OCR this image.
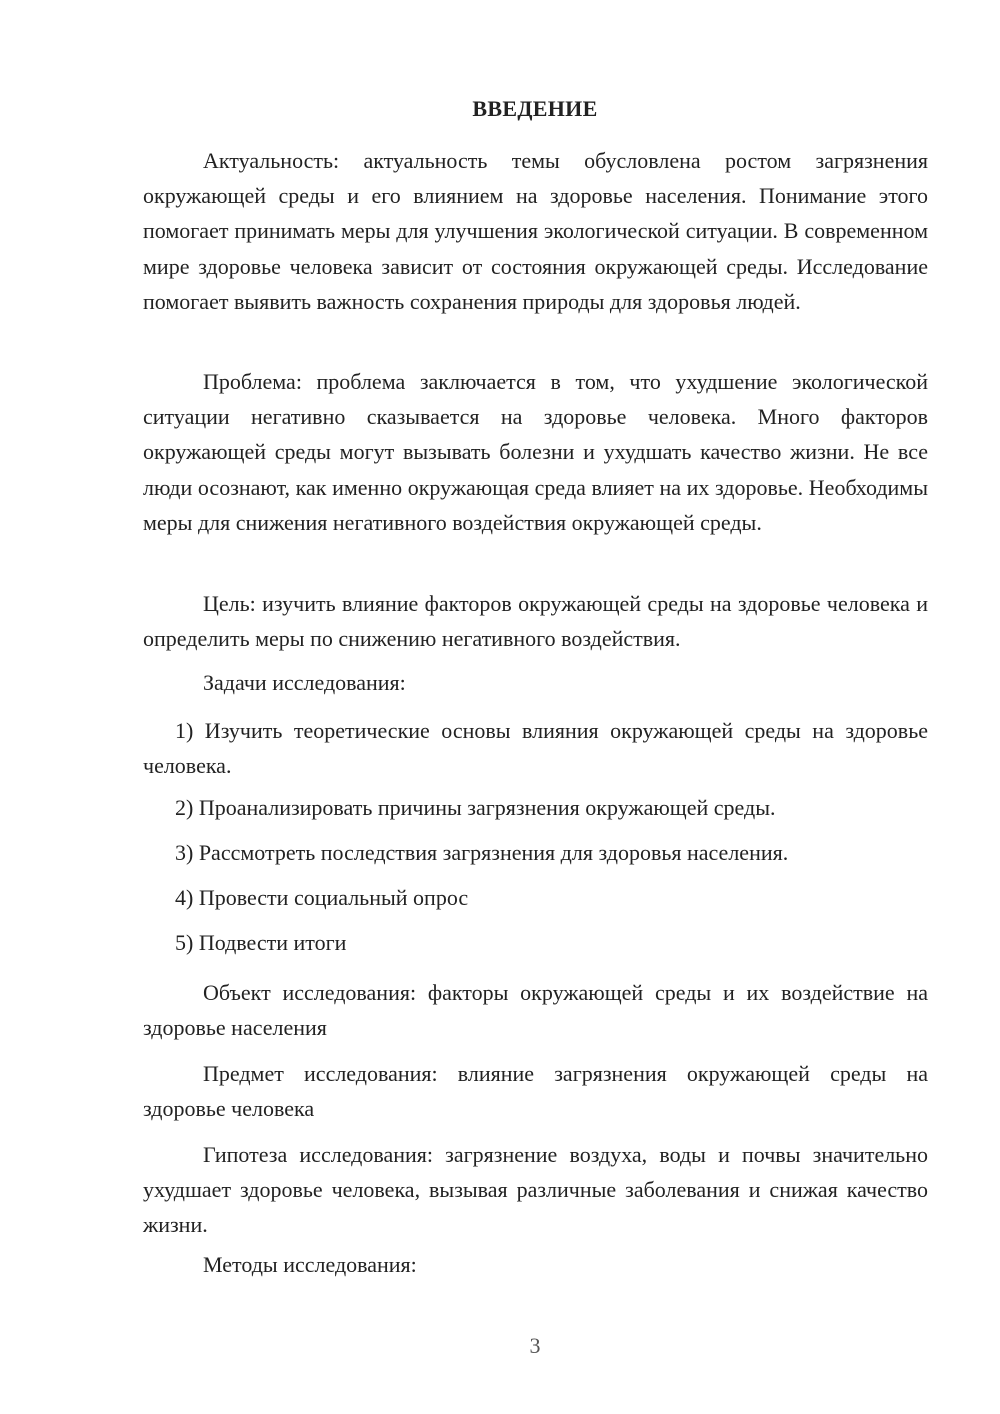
ВВЕДЕНИЕ
Актуальность: актуальность темы обусловлена ростом загрязнения окружающей среды и его влиянием на здоровье населения. Понимание этого помогает принимать меры для улучшения экологической ситуации. В современном мире здоровье человека зависит от состояния окружающей среды. Исследование помогает выявить важность сохранения природы для здоровья людей.
Проблема: проблема заключается в том, что ухудшение экологической ситуации негативно сказывается на здоровье человека. Много факторов окружающей среды могут вызывать болезни и ухудшать качество жизни. Не все люди осознают, как именно окружающая среда влияет на их здоровье. Необходимы меры для снижения негативного воздействия окружающей среды.
Цель: изучить влияние факторов окружающей среды на здоровье человека и определить меры по снижению негативного воздействия.
Задачи исследования:
1) Изучить теоретические основы влияния окружающей среды на здоровье человека.
2) Проанализировать причины загрязнения окружающей среды.
3) Рассмотреть последствия загрязнения для здоровья населения.
4) Провести социальный опрос
5) Подвести итоги
Объект исследования: факторы окружающей среды и их воздействие на здоровье населения
Предмет исследования: влияние загрязнения окружающей среды на здоровье человека
Гипотеза исследования: загрязнение воздуха, воды и почвы значительно ухудшает здоровье человека, вызывая различные заболевания и снижая качество жизни.
Методы исследования:
3
